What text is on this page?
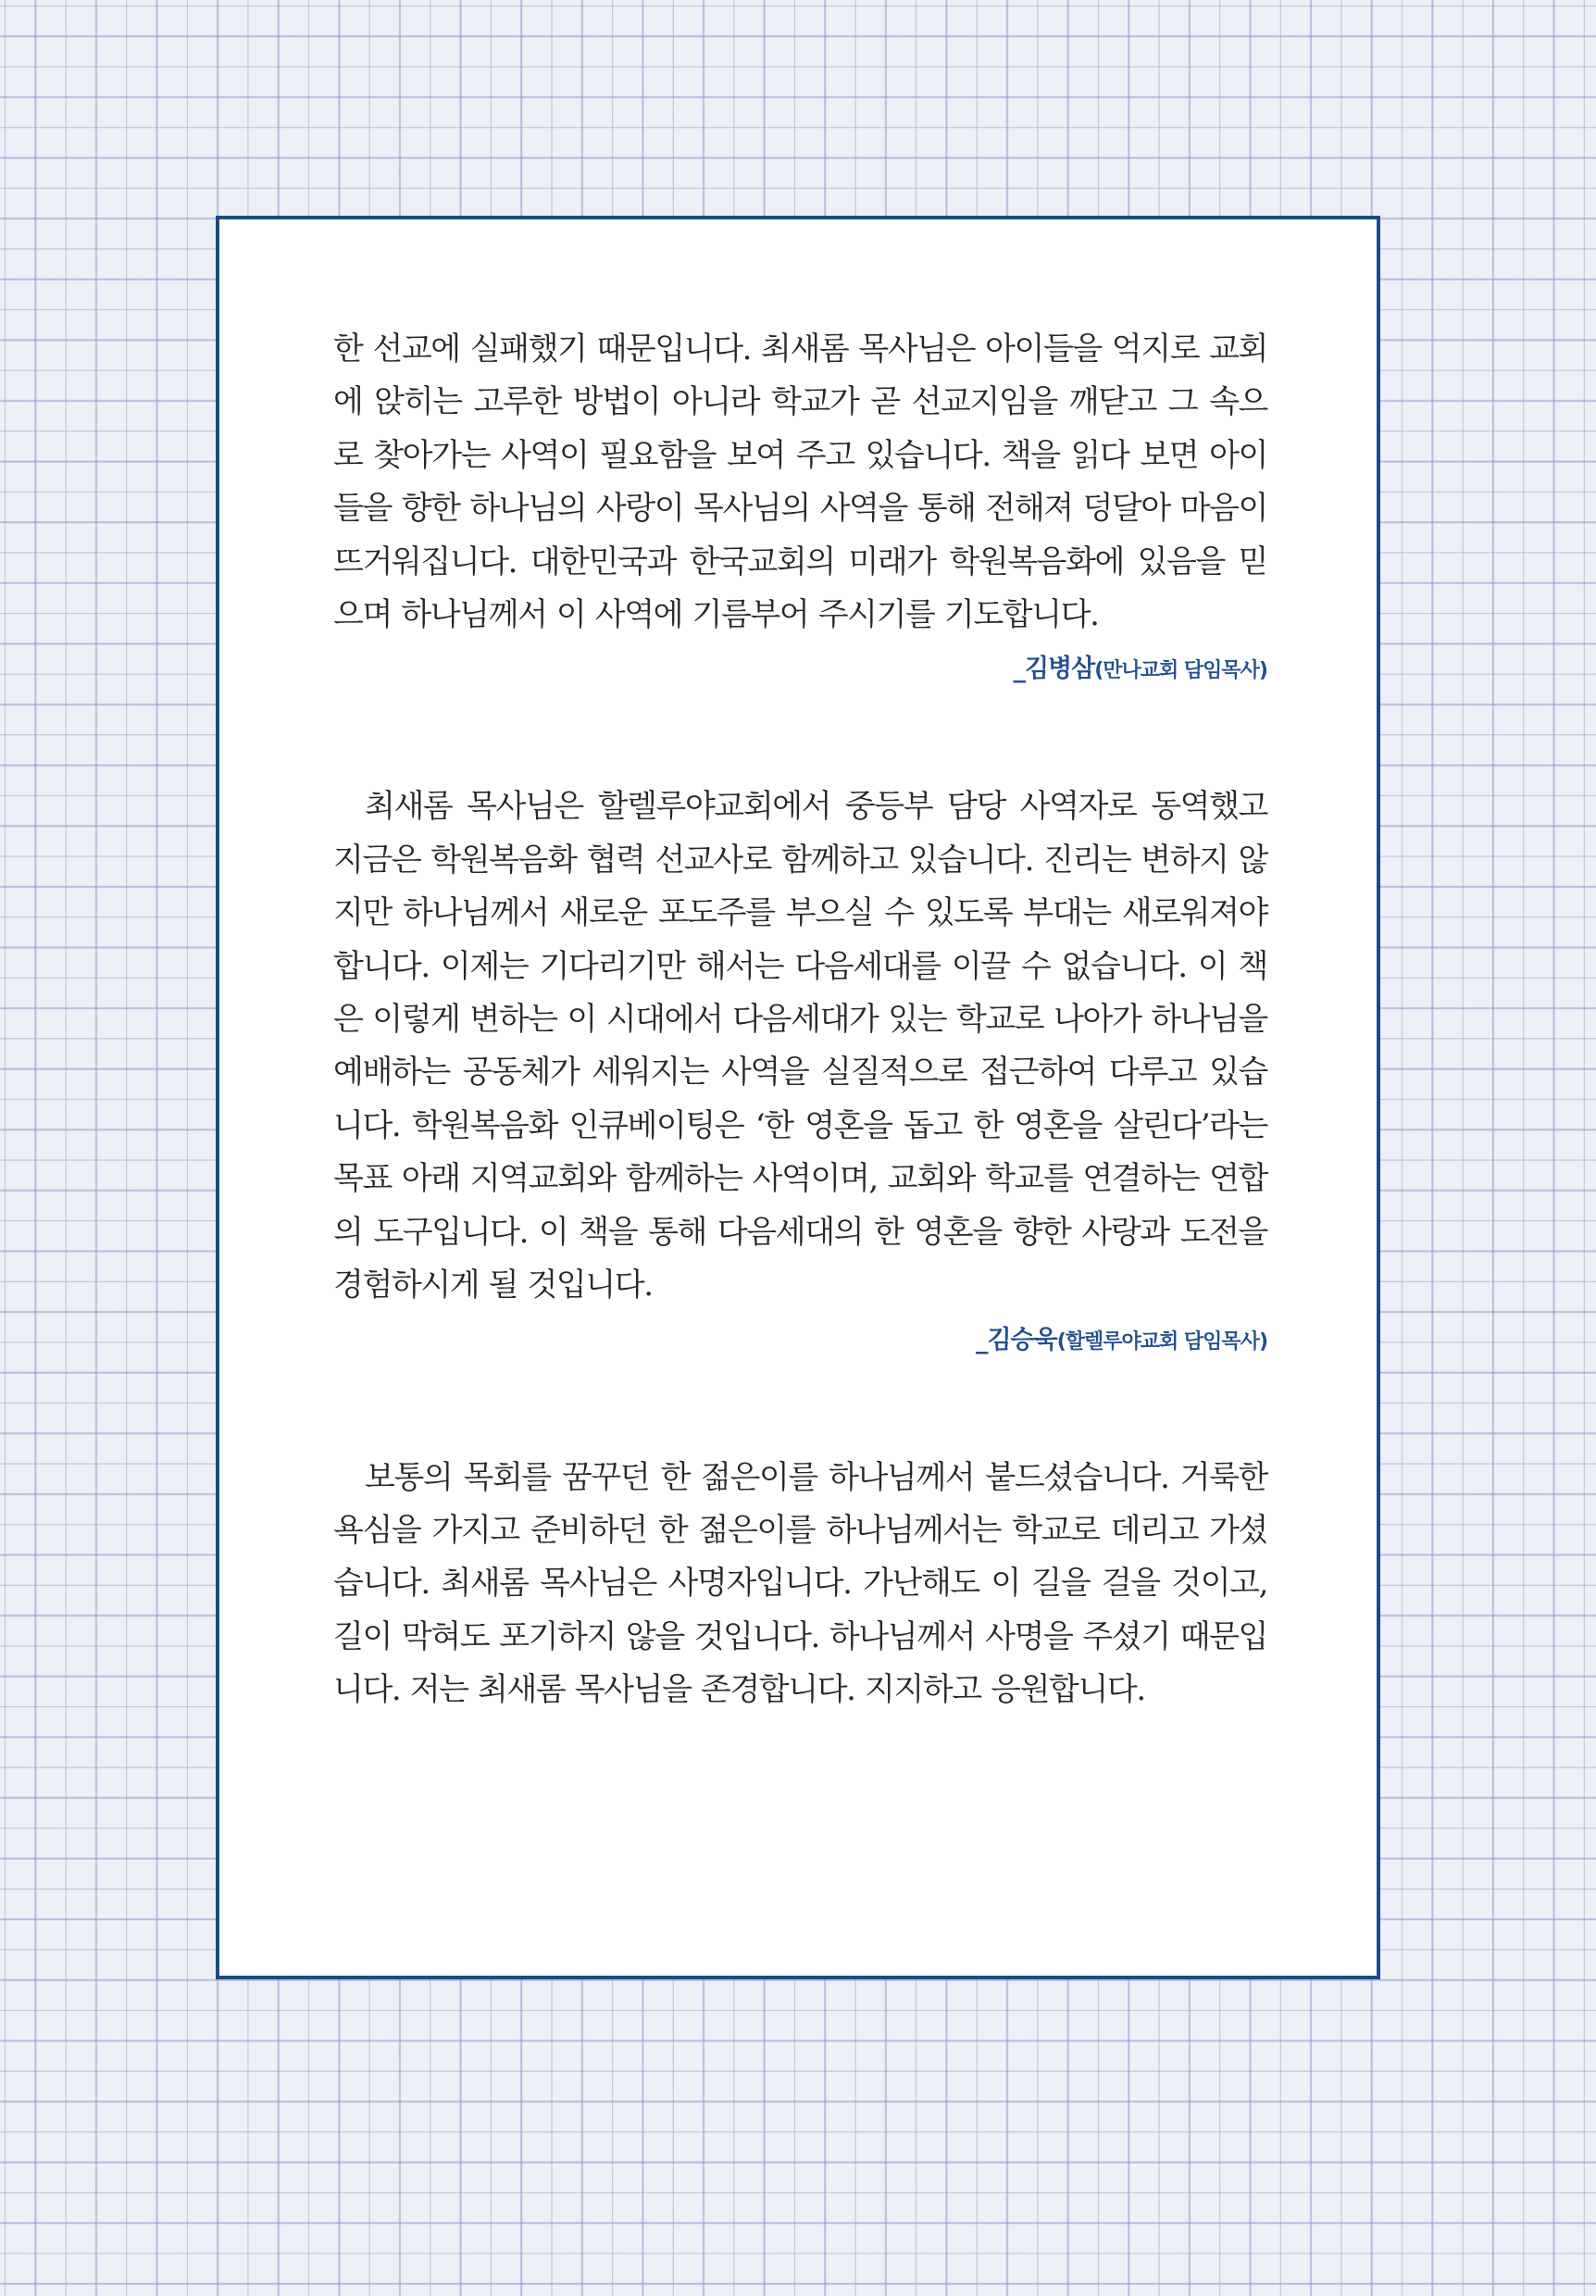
한 선교에 실패했기 때문입니다. 최새롬 목사님은 아이들을 억지로 교회에 앉히는 고루한 방법이 아니라 학교가 곧 선교지임을 깨닫고 그 속으로 찾아가는 사역이 필요함을 보여 주고 있습니다. 책을 읽다 보면 아이들을 향한 하나님의 사랑이 목사님의 사역을 통해 전해져 덩달아 마음이 뜨거워집니다. 대한민국과 한국교회의 미래가 학원복음화에 있음을 믿으며 하나님께서 이 사역에 기름부어 주시기를 기도합니다.

_김병삼(만나교회 담임목사)

최새롬 목사님은 할렐루야교회에서 중등부 담당 사역자로 동역했고 지금은 학원복음화 협력 선교사로 함께하고 있습니다. 진리는 변하지 않지만 하나님께서 새로운 포도주를 부으실 수 있도록 부대는 새로워져야 합니다. 이제는 기다리기만 해서는 다음세대를 이끌 수 없습니다. 이 책은 이렇게 변하는 이 시대에서 다음세대가 있는 학교로 나아가 하나님을 예배하는 공동체가 세워지는 사역을 실질적으로 접근하여 다루고 있습니다. 학원복음화 인큐베이팅은 ‘한 영혼을 돕고 한 영혼을 살린다’라는 목표 아래 지역교회와 함께하는 사역이며, 교회와 학교를 연결하는 연합의 도구입니다. 이 책을 통해 다음세대의 한 영혼을 향한 사랑과 도전을 경험하시게 될 것입니다.

_김승욱(할렐루야교회 담임목사)

보통의 목회를 꿈꾸던 한 젊은이를 하나님께서 붙드셨습니다. 거룩한 욕심을 가지고 준비하던 한 젊은이를 하나님께서는 학교로 데리고 가셨습니다. 최새롬 목사님은 사명자입니다. 가난해도 이 길을 걸을 것이고, 길이 막혀도 포기하지 않을 것입니다. 하나님께서 사명을 주셨기 때문입니다. 저는 최새롬 목사님을 존경합니다. 지지하고 응원합니다.
